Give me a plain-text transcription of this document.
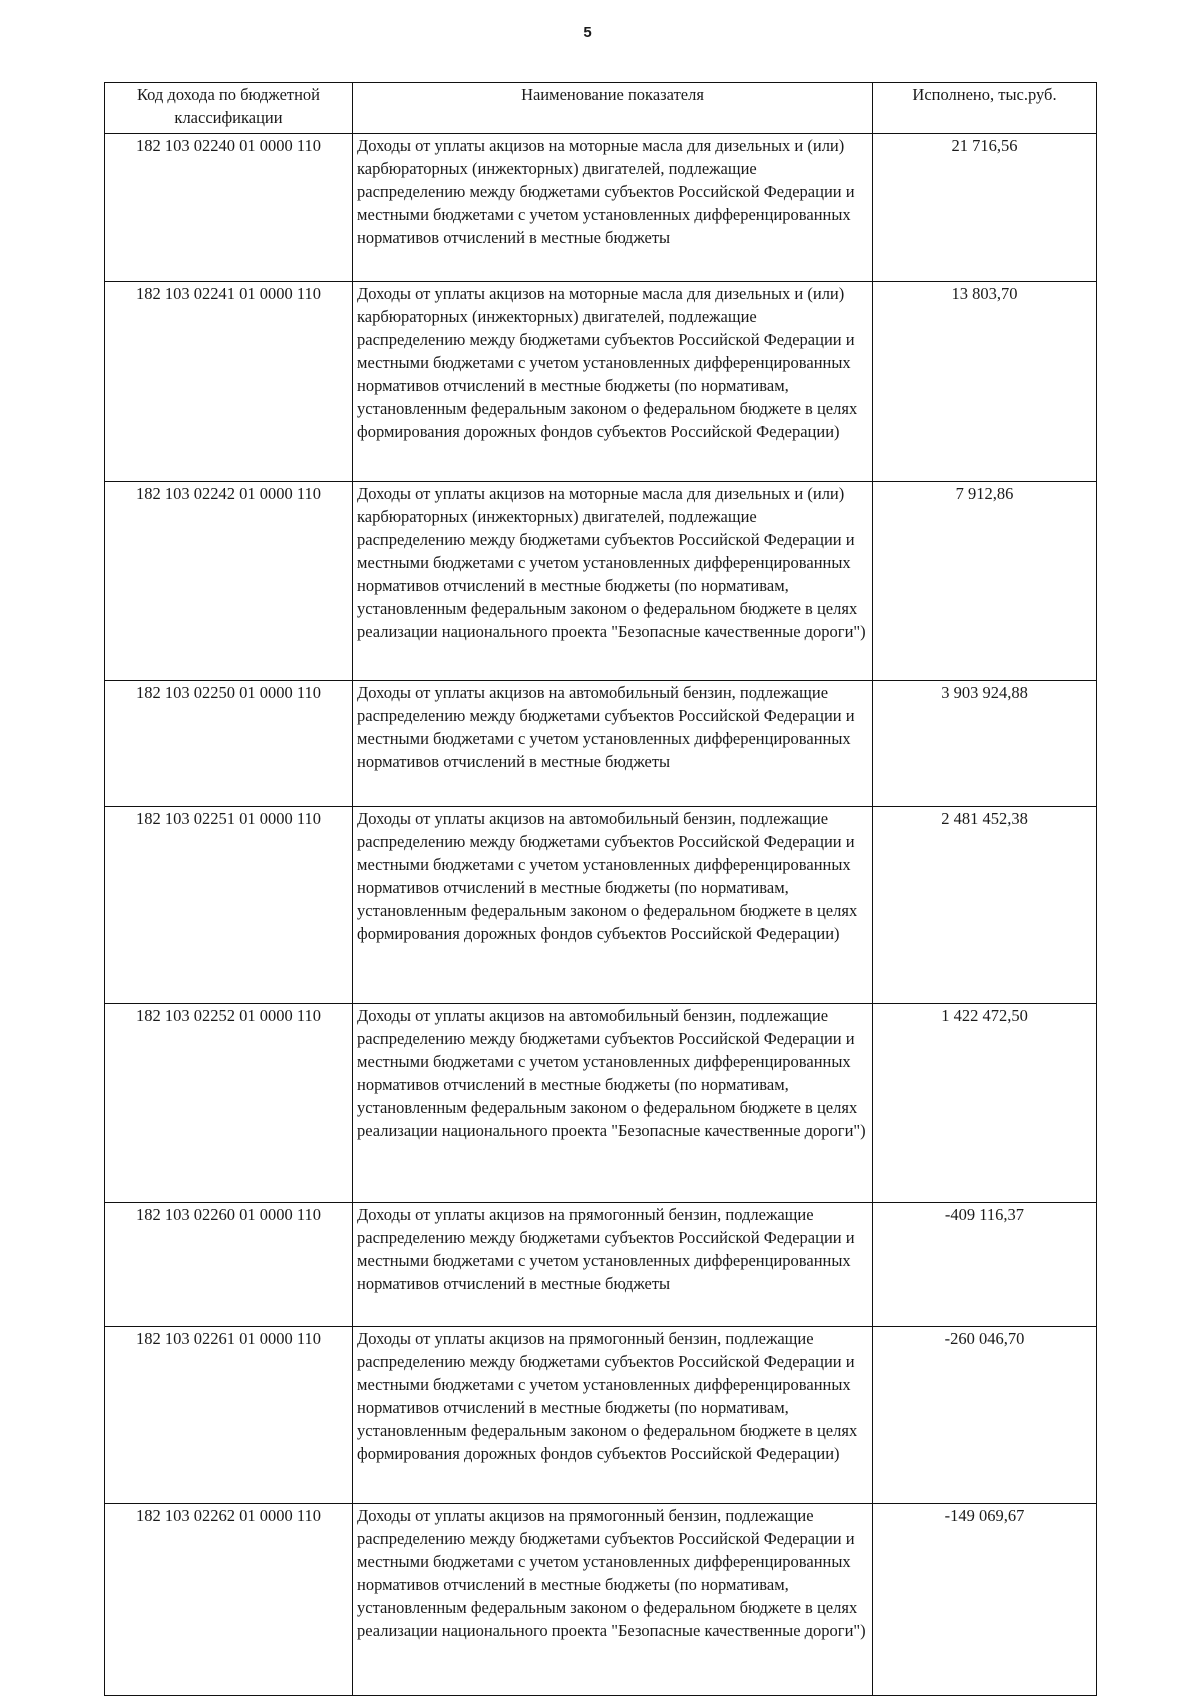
5
Код дохода по бюджетной классификации	Наименование показателя	Исполнено, тыс.руб.
182 103 02240 01 0000 110	Доходы от уплаты акцизов на моторные масла для дизельных и (или) карбюраторных (инжекторных) двигателей, подлежащие распределению между бюджетами субъектов Российской Федерации и местными бюджетами с учетом установленных дифференцированных нормативов отчислений в местные бюджеты	21 716,56
182 103 02241 01 0000 110	Доходы от уплаты акцизов на моторные масла для дизельных и (или) карбюраторных (инжекторных) двигателей, подлежащие распределению между бюджетами субъектов Российской Федерации и местными бюджетами с учетом установленных дифференцированных нормативов отчислений в местные бюджеты (по нормативам, установленным федеральным законом о федеральном бюджете в целях формирования дорожных фондов субъектов Российской Федерации)	13 803,70
182 103 02242 01 0000 110	Доходы от уплаты акцизов на моторные масла для дизельных и (или) карбюраторных (инжекторных) двигателей, подлежащие распределению между бюджетами субъектов Российской Федерации и местными бюджетами с учетом установленных дифференцированных нормативов отчислений в местные бюджеты (по нормативам, установленным федеральным законом о федеральном бюджете в целях реализации национального проекта "Безопасные качественные дороги")	7 912,86
182 103 02250 01 0000 110	Доходы от уплаты акцизов на автомобильный бензин, подлежащие распределению между бюджетами субъектов Российской Федерации и местными бюджетами с учетом установленных дифференцированных нормативов отчислений в местные бюджеты	3 903 924,88
182 103 02251 01 0000 110	Доходы от уплаты акцизов на автомобильный бензин, подлежащие распределению между бюджетами субъектов Российской Федерации и местными бюджетами с учетом установленных дифференцированных нормативов отчислений в местные бюджеты (по нормативам, установленным федеральным законом о федеральном бюджете в целях формирования дорожных фондов субъектов Российской Федерации)	2 481 452,38
182 103 02252 01 0000 110	Доходы от уплаты акцизов на автомобильный бензин, подлежащие распределению между бюджетами субъектов Российской Федерации и местными бюджетами с учетом установленных дифференцированных нормативов отчислений в местные бюджеты (по нормативам, установленным федеральным законом о федеральном бюджете в целях реализации национального проекта "Безопасные качественные дороги")	1 422 472,50
182 103 02260 01 0000 110	Доходы от уплаты акцизов на прямогонный бензин, подлежащие распределению между бюджетами субъектов Российской Федерации и местными бюджетами с учетом установленных дифференцированных нормативов отчислений в местные бюджеты	-409 116,37
182 103 02261 01 0000 110	Доходы от уплаты акцизов на прямогонный бензин, подлежащие распределению между бюджетами субъектов Российской Федерации и местными бюджетами с учетом установленных дифференцированных нормативов отчислений в местные бюджеты (по нормативам, установленным федеральным законом о федеральном бюджете в целях формирования дорожных фондов субъектов Российской Федерации)	-260 046,70
182 103 02262 01 0000 110	Доходы от уплаты акцизов на прямогонный бензин, подлежащие распределению между бюджетами субъектов Российской Федерации и местными бюджетами с учетом установленных дифференцированных нормативов отчислений в местные бюджеты (по нормативам, установленным федеральным законом о федеральном бюджете в целях реализации национального проекта "Безопасные качественные дороги")	-149 069,67
